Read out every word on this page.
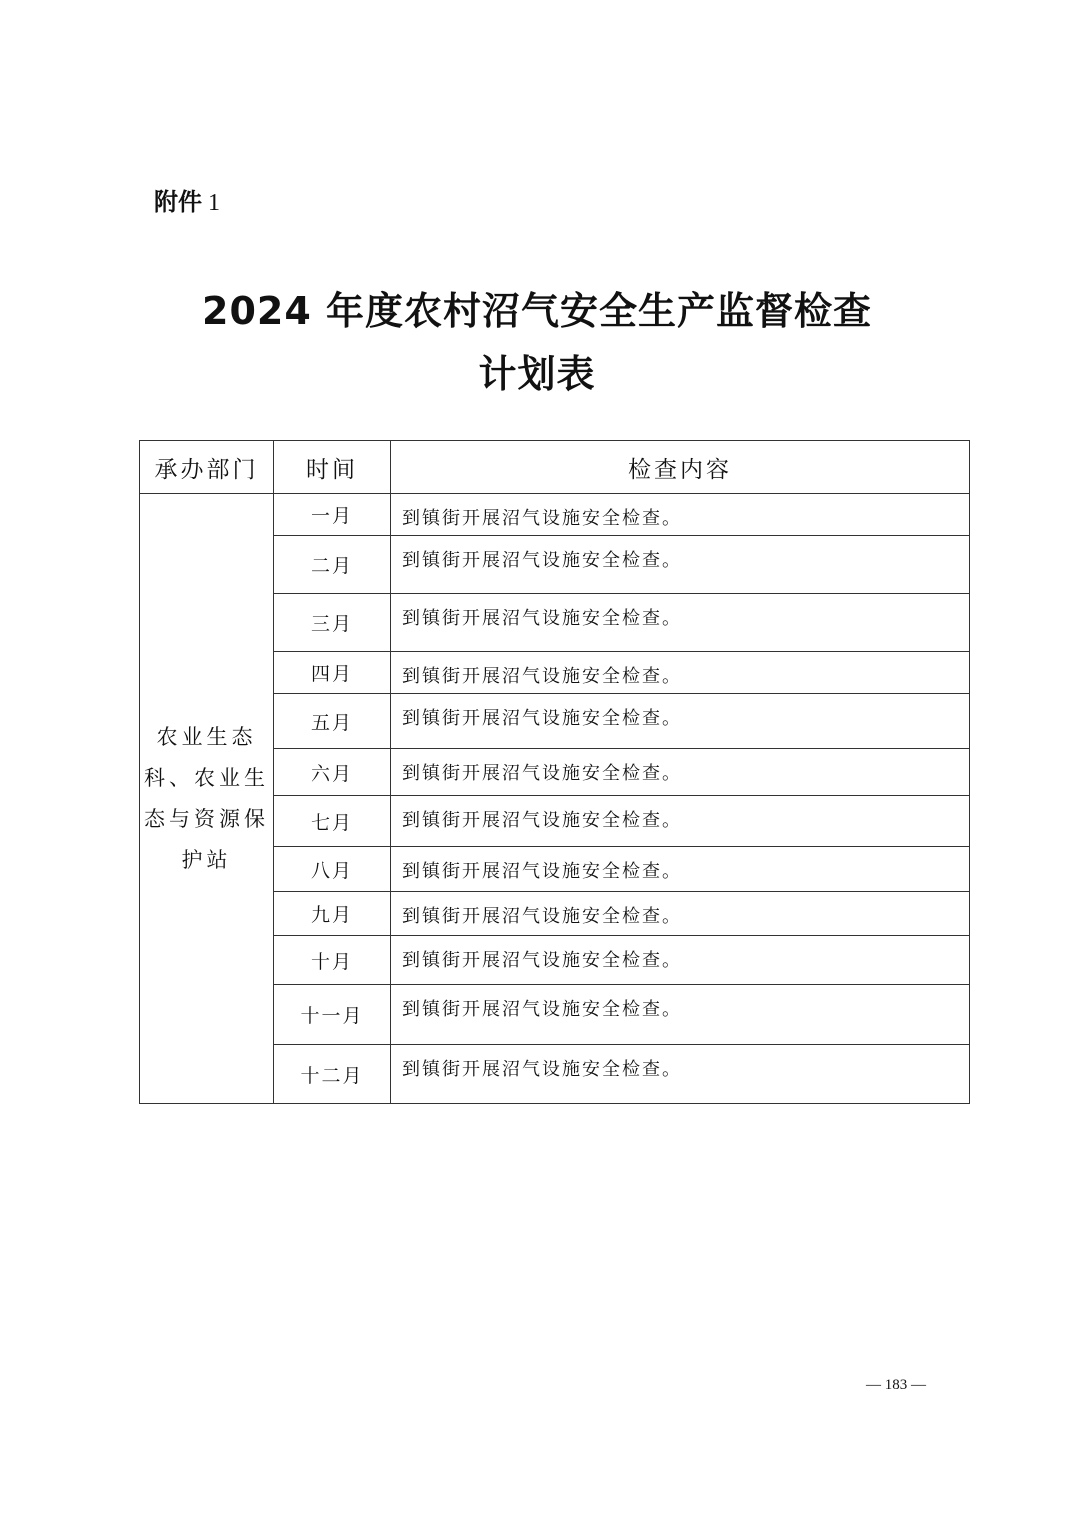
附件 1
2024 年度农村沼气安全生产监督检查
计划表
承办部门	时间	检查内容
农业生态科、农业生态与资源保护站	一月	到镇街开展沼气设施安全检查。
	二月	到镇街开展沼气设施安全检查。
	三月	到镇街开展沼气设施安全检查。
	四月	到镇街开展沼气设施安全检查。
	五月	到镇街开展沼气设施安全检查。
	六月	到镇街开展沼气设施安全检查。
	七月	到镇街开展沼气设施安全检查。
	八月	到镇街开展沼气设施安全检查。
	九月	到镇街开展沼气设施安全检查。
	十月	到镇街开展沼气设施安全检查。
	十一月	到镇街开展沼气设施安全检查。
	十二月	到镇街开展沼气设施安全检查。
— 183 —
